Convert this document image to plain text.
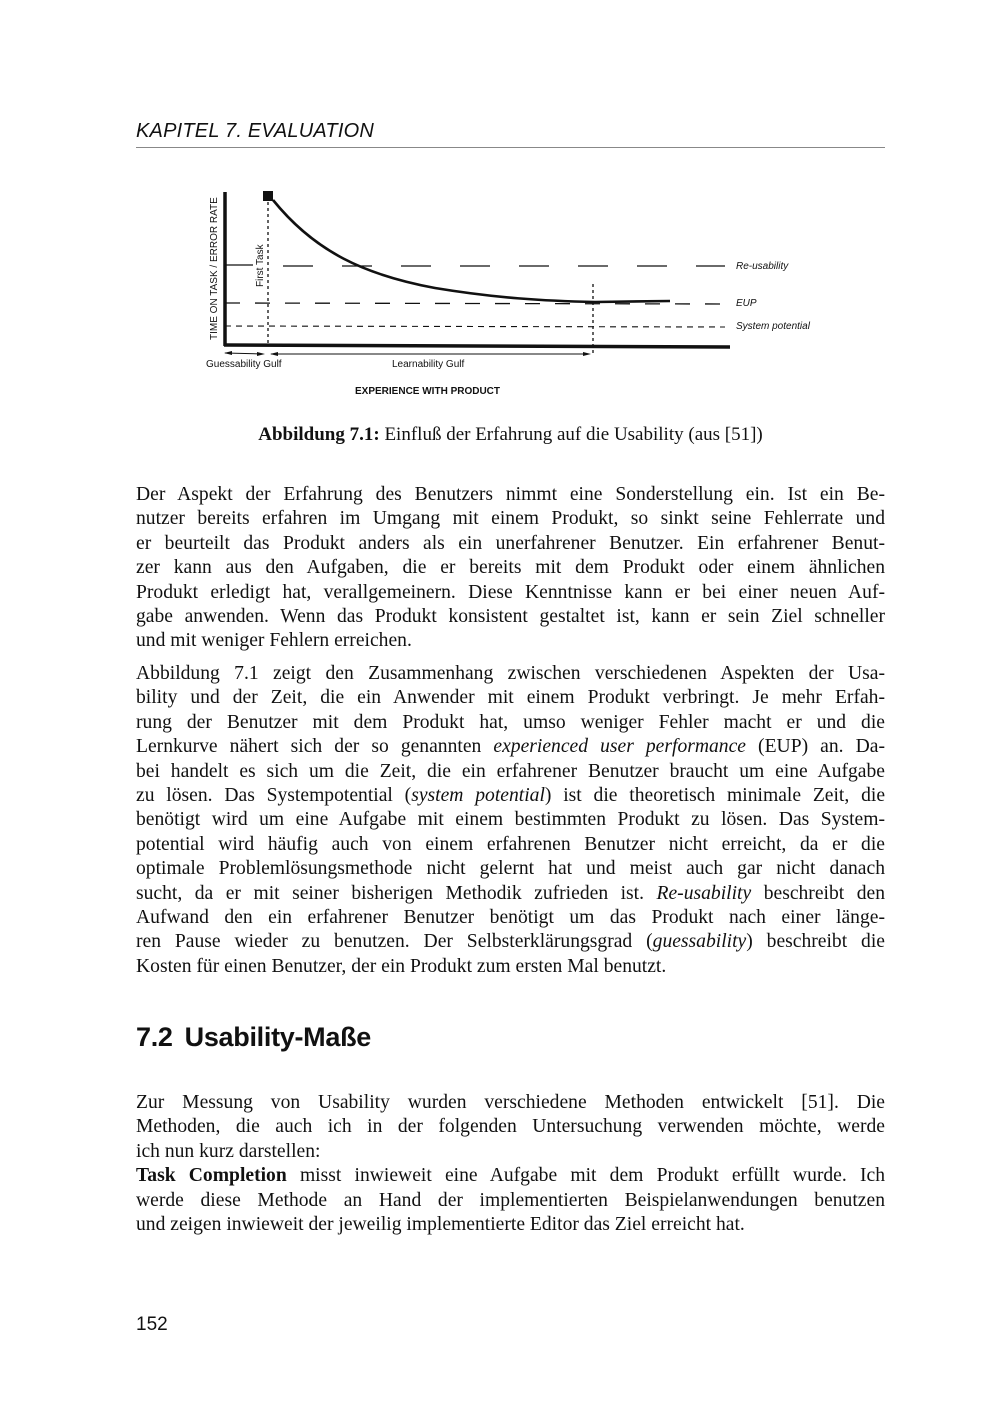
KAPITEL 7. EVALUATION
TIME ON TASK / ERROR RATE	Re-usability
EUP
System potential
First Task
Guessability Gulf	Learnability Gulf
EXPERIENCE WITH PRODUCT
Abbildung 7.1: Einfluß der Erfahrung auf die Usability (aus [51])

Der Aspekt der Erfahrung des Benutzers nimmt eine Sonderstellung ein. Ist ein Be-
nutzer bereits erfahren im Umgang mit einem Produkt, so sinkt seine Fehlerrate und
er beurteilt das Produkt anders als ein unerfahrener Benutzer. Ein erfahrener Benut-
zer kann aus den Aufgaben, die er bereits mit dem Produkt oder einem ähnlichen
Produkt erledigt hat, verallgemeinern. Diese Kenntnisse kann er bei einer neuen Auf-
gabe anwenden. Wenn das Produkt konsistent gestaltet ist, kann er sein Ziel schneller
und mit weniger Fehlern erreichen.

Abbildung 7.1 zeigt den Zusammenhang zwischen verschiedenen Aspekten der Usa-
bility und der Zeit, die ein Anwender mit einem Produkt verbringt. Je mehr Erfah-
rung der Benutzer mit dem Produkt hat, umso weniger Fehler macht er und die
Lernkurve nähert sich der so genannten experienced user performance (EUP) an. Da-
bei handelt es sich um die Zeit, die ein erfahrener Benutzer braucht um eine Aufgabe
zu lösen. Das Systempotential (system potential) ist die theoretisch minimale Zeit, die
benötigt wird um eine Aufgabe mit einem bestimmten Produkt zu lösen. Das System-
potential wird häufig auch von einem erfahrenen Benutzer nicht erreicht, da er die
optimale Problemlösungsmethode nicht gelernt hat und meist auch gar nicht danach
sucht, da er mit seiner bisherigen Methodik zufrieden ist. Re-usability beschreibt den
Aufwand den ein erfahrener Benutzer benötigt um das Produkt nach einer länge-
ren Pause wieder zu benutzen. Der Selbsterklärungsgrad (guessability) beschreibt die
Kosten für einen Benutzer, der ein Produkt zum ersten Mal benutzt.

7.2 Usability-Maße

Zur Messung von Usability wurden verschiedene Methoden entwickelt [51]. Die
Methoden, die auch ich in der folgenden Untersuchung verwenden möchte, werde
ich nun kurz darstellen:
Task Completion misst inwieweit eine Aufgabe mit dem Produkt erfüllt wurde. Ich
werde diese Methode an Hand der implementierten Beispielanwendungen benutzen
und zeigen inwieweit der jeweilig implementierte Editor das Ziel erreicht hat.

152
